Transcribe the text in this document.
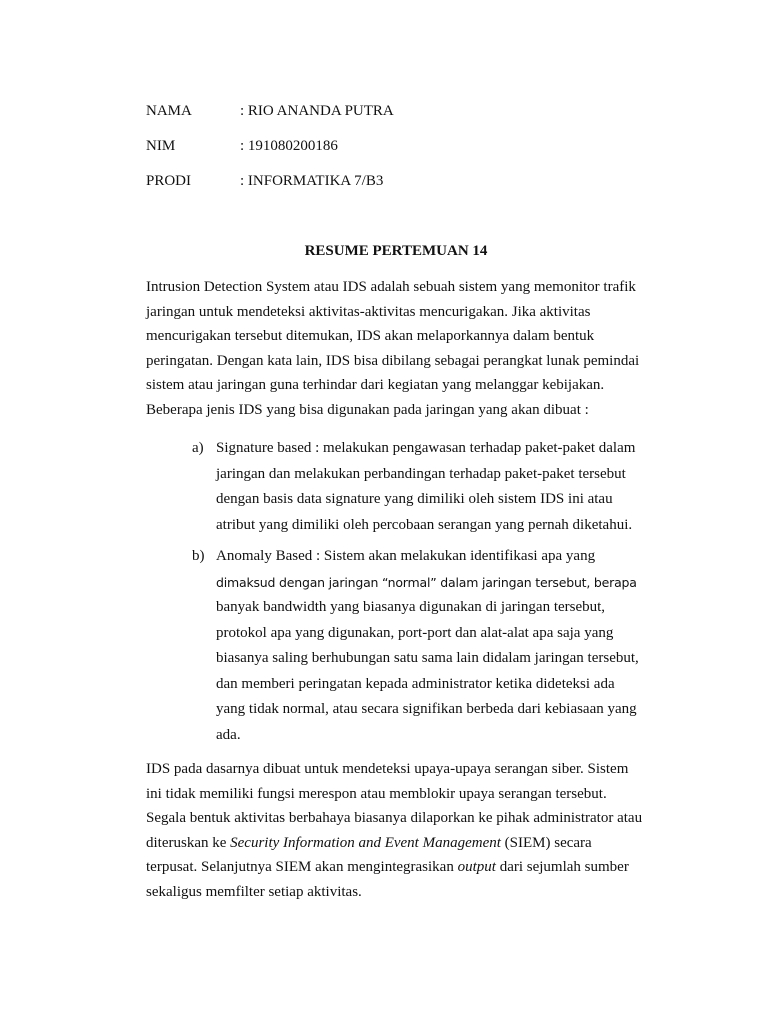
NAMA	: RIO ANANDA PUTRA
NIM	: 191080200186
PRODI	: INFORMATIKA 7/B3
RESUME PERTEMUAN 14

Intrusion Detection System atau IDS adalah sebuah sistem yang memonitor trafik
jaringan untuk mendeteksi aktivitas-aktivitas mencurigakan. Jika aktivitas
mencurigakan tersebut ditemukan, IDS akan melaporkannya dalam bentuk
peringatan. Dengan kata lain, IDS bisa dibilang sebagai perangkat lunak pemindai
sistem atau jaringan guna terhindar dari kegiatan yang melanggar kebijakan.
Beberapa jenis IDS yang bisa digunakan pada jaringan yang akan dibuat :

a) Signature based : melakukan pengawasan terhadap paket-paket dalam
jaringan dan melakukan perbandingan terhadap paket-paket tersebut
dengan basis data signature yang dimiliki oleh sistem IDS ini atau
atribut yang dimiliki oleh percobaan serangan yang pernah diketahui.
b) Anomaly Based : Sistem akan melakukan identifikasi apa yang
dimaksud dengan jaringan “normal” dalam jaringan tersebut, berapa
banyak bandwidth yang biasanya digunakan di jaringan tersebut,
protokol apa yang digunakan, port-port dan alat-alat apa saja yang
biasanya saling berhubungan satu sama lain didalam jaringan tersebut,
dan memberi peringatan kepada administrator ketika dideteksi ada
yang tidak normal, atau secara signifikan berbeda dari kebiasaan yang
ada.

IDS pada dasarnya dibuat untuk mendeteksi upaya-upaya serangan siber. Sistem
ini tidak memiliki fungsi merespon atau memblokir upaya serangan tersebut.
Segala bentuk aktivitas berbahaya biasanya dilaporkan ke pihak administrator atau
diteruskan ke Security Information and Event Management (SIEM) secara
terpusat. Selanjutnya SIEM akan mengintegrasikan output dari sejumlah sumber
sekaligus memfilter setiap aktivitas.
